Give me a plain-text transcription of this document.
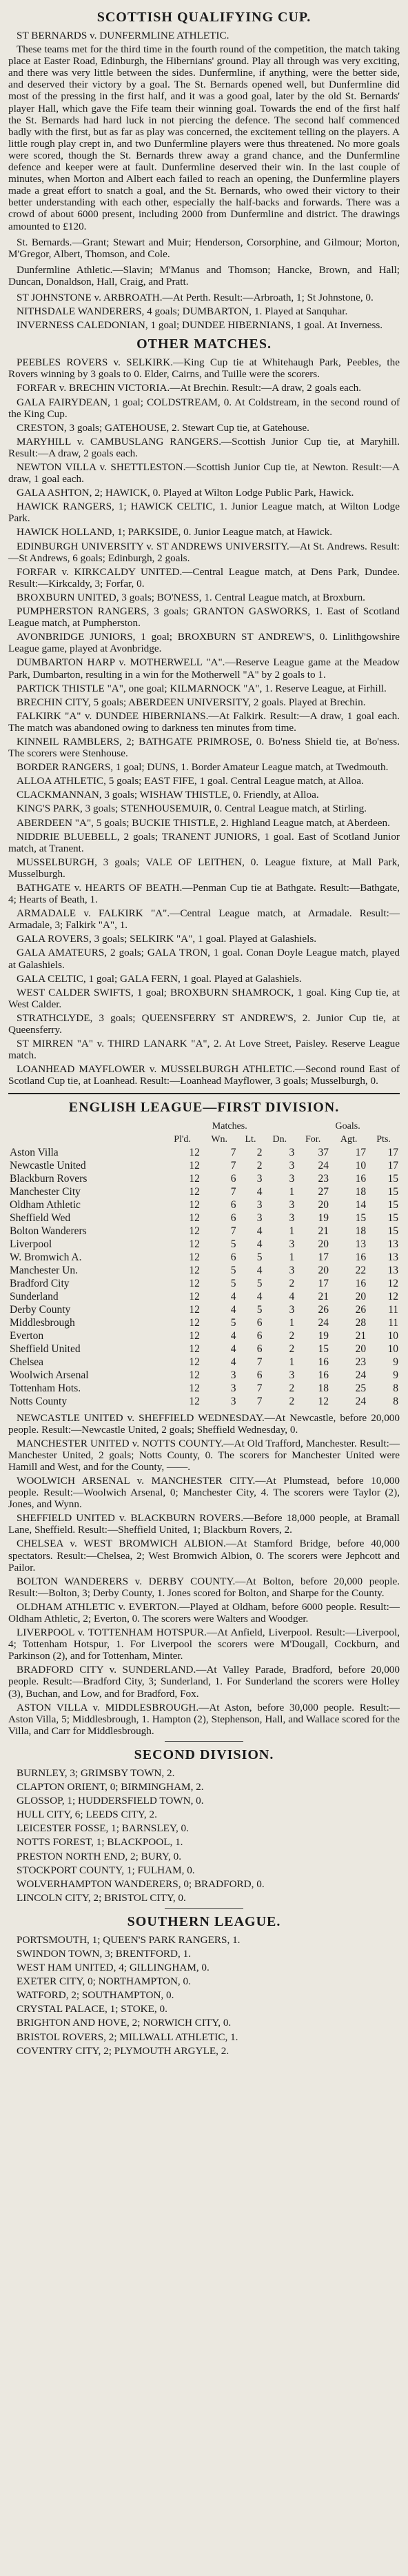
SCOTTISH QUALIFYING CUP.

ST BERNARDS v. DUNFERMLINE ATHLETIC.

These teams met for the third time in the fourth round of the competition, the match taking place at Easter Road, Edinburgh, the Hibernians' ground. Play all through was very exciting, and there was very little between the sides. Dunfermline, if anything, were the better side, and deserved their victory by a goal. The St. Bernards opened well, but Dunfermline did most of the pressing in the first half, and it was a good goal, later by the old St. Bernards' player Hall, which gave the Fife team their winning goal. Towards the end of the first half the St. Bernards had hard luck in not piercing the defence. The second half commenced badly with the first, but as far as play was concerned, the excitement telling on the players. A little rough play crept in, and two Dunfermline players were thus threatened. No more goals were scored, though the St. Bernards threw away a grand chance, and the Dunfermline defence and keeper were at fault. Dunfermline deserved their win. In the last couple of minutes, when Morton and Albert each failed to reach an opening, the Dunfermline players made a great effort to snatch a goal, and the St. Bernards, who owed their victory to their better understanding with each other, especially the half-backs and forwards. There was a crowd of about 6000 present, including 2000 from Dunfermline and district. The drawings amounted to £120.

St. Bernards.—Grant; Stewart and Muir; Henderson, Corsorphine, and Gilmour; Morton, M'Gregor, Albert, Thomson, and Cole.

Dunfermline Athletic.—Slavin; M'Manus and Thomson; Hancke, Brown, and Hall; Duncan, Donaldson, Hall, Craig, and Pratt.

ST JOHNSTONE v. ARBROATH.—At Perth. Result:—Arbroath, 1; St Johnstone, 0.

NITHSDALE WANDERERS, 4 goals; DUMBARTON, 1. Played at Sanquhar.

INVERNESS CALEDONIAN, 1 goal; DUNDEE HIBERNIANS, 1 goal. At Inverness.

OTHER MATCHES.

PEEBLES ROVERS v. SELKIRK.—King Cup tie at Whitehaugh Park, Peebles, the Rovers winning by 3 goals to 0. Elder, Cairns, and Tuille were the scorers.

FORFAR v. BRECHIN VICTORIA.—At Brechin. Result:—A draw, 2 goals each.

GALA FAIRYDEAN, 1 goal; COLDSTREAM, 0. At Coldstream, in the second round of the King Cup.

CRESTON, 3 goals; GATEHOUSE, 2. Stewart Cup tie, at Gatehouse.

MARYHILL v. CAMBUSLANG RANGERS.—Scottish Junior Cup tie, at Maryhill. Result:—A draw, 2 goals each.

NEWTON VILLA v. SHETTLESTON.—Scottish Junior Cup tie, at Newton. Result:—A draw, 1 goal each.

GALA ASHTON, 2; HAWICK, 0. Played at Wilton Lodge Public Park, Hawick.

HAWICK RANGERS, 1; HAWICK CELTIC, 1. Junior League match, at Wilton Lodge Park.

HAWICK HOLLAND, 1; PARKSIDE, 0. Junior League match, at Hawick.

EDINBURGH UNIVERSITY v. ST ANDREWS UNIVERSITY.—At St. Andrews. Result:—St Andrews, 6 goals; Edinburgh, 2 goals.

FORFAR v. KIRKCALDY UNITED.—Central League match, at Dens Park, Dundee. Result:—Kirkcaldy, 3; Forfar, 0.

BROXBURN UNITED, 3 goals; BO'NESS, 1. Central League match, at Broxburn.

PUMPHERSTON RANGERS, 3 goals; GRANTON GASWORKS, 1. East of Scotland League match, at Pumpherston.

AVONBRIDGE JUNIORS, 1 goal; BROXBURN ST ANDREW'S, 0. Linlithgowshire League game, played at Avonbridge.

DUMBARTON HARP v. MOTHERWELL "A".—Reserve League game at the Meadow Park, Dumbarton, resulting in a win for the Motherwell "A" by 2 goals to 1.

PARTICK THISTLE "A", one goal; KILMARNOCK "A", 1. Reserve League, at Firhill.

BRECHIN CITY, 5 goals; ABERDEEN UNIVERSITY, 2 goals. Played at Brechin.

FALKIRK "A" v. DUNDEE HIBERNIANS.—At Falkirk. Result:—A draw, 1 goal each. The match was abandoned owing to darkness ten minutes from time.

KINNEIL RAMBLERS, 2; BATHGATE PRIMROSE, 0. Bo'ness Shield tie, at Bo'ness. The scorers were Stenhouse.

BORDER RANGERS, 1 goal; DUNS, 1. Border Amateur League match, at Twedmouth.

ALLOA ATHLETIC, 5 goals; EAST FIFE, 1 goal. Central League match, at Alloa.

CLACKMANNAN, 3 goals; WISHAW THISTLE, 0. Friendly, at Alloa.

KING'S PARK, 3 goals; STENHOUSEMUIR, 0. Central League match, at Stirling.

ABERDEEN "A", 5 goals; BUCKIE THISTLE, 2. Highland League match, at Aberdeen.

NIDDRIE BLUEBELL, 2 goals; TRANENT JUNIORS, 1 goal. East of Scotland Junior match, at Tranent.

MUSSELBURGH, 3 goals; VALE OF LEITHEN, 0. League fixture, at Mall Park, Musselburgh.

BATHGATE v. HEARTS OF BEATH.—Penman Cup tie at Bathgate. Result:—Bathgate, 4; Hearts of Beath, 1.

ARMADALE v. FALKIRK "A".—Central League match, at Armadale. Result:—Armadale, 3; Falkirk "A", 1.

GALA ROVERS, 3 goals; SELKIRK "A", 1 goal. Played at Galashiels.

GALA AMATEURS, 2 goals; GALA TRON, 1 goal. Conan Doyle League match, played at Galashiels.

GALA CELTIC, 1 goal; GALA FERN, 1 goal. Played at Galashiels.

WEST CALDER SWIFTS, 1 goal; BROXBURN SHAMROCK, 1 goal. King Cup tie, at West Calder.

STRATHCLYDE, 3 goals; QUEENSFERRY ST ANDREW'S, 2. Junior Cup tie, at Queensferry.

ST MIRREN "A" v. THIRD LANARK "A", 2. At Love Street, Paisley. Reserve League match.

LOANHEAD MAYFLOWER v. MUSSELBURGH ATHLETIC.—Second round East of Scotland Cup tie, at Loanhead. Result:—Loanhead Mayflower, 3 goals; Musselburgh, 0.

ENGLISH LEAGUE—FIRST DIVISION.
	Matches.				Goals.		
	Pl'd.	Wn.	Lt.	Dn.	For.	Agt.	Pts.
Aston Villa	12	7	2	3	37	17	17
Newcastle United	12	7	2	3	24	10	17
Blackburn Rovers	12	6	3	3	23	16	15
Manchester City	12	7	4	1	27	18	15
Oldham Athletic	12	6	3	3	20	14	15
Sheffield Wed	12	6	3	3	19	15	15
Bolton Wanderers	12	7	4	1	21	18	15
Liverpool	12	5	4	3	20	13	13
W. Bromwich A.	12	6	5	1	17	16	13
Manchester Un.	12	5	4	3	20	22	13
Bradford City	12	5	5	2	17	16	12
Sunderland	12	4	4	4	21	20	12
Derby County	12	4	5	3	26	26	11
Middlesbrough	12	5	6	1	24	28	11
Everton	12	4	6	2	19	21	10
Sheffield United	12	4	6	2	15	20	10
Chelsea	12	4	7	1	16	23	9
Woolwich Arsenal	12	3	6	3	16	24	9
Tottenham Hots.	12	3	7	2	18	25	8
Notts County	12	3	7	2	12	24	8

NEWCASTLE UNITED v. SHEFFIELD WEDNESDAY.—At Newcastle, before 20,000 people. Result:—Newcastle United, 2 goals; Sheffield Wednesday, 0.

MANCHESTER UNITED v. NOTTS COUNTY.—At Old Trafford, Manchester. Result:—Manchester United, 2 goals; Notts County, 0. The scorers for Manchester United were Hamill and West, and for the County, ——.

WOOLWICH ARSENAL v. MANCHESTER CITY.—At Plumstead, before 10,000 people. Result:—Woolwich Arsenal, 0; Manchester City, 4. The scorers were Taylor (2), Jones, and Wynn.

SHEFFIELD UNITED v. BLACKBURN ROVERS.—Before 18,000 people, at Bramall Lane, Sheffield. Result:—Sheffield United, 1; Blackburn Rovers, 2.

CHELSEA v. WEST BROMWICH ALBION.—At Stamford Bridge, before 40,000 spectators. Result:—Chelsea, 2; West Bromwich Albion, 0. The scorers were Jephcott and Pailor.

BOLTON WANDERERS v. DERBY COUNTY.—At Bolton, before 20,000 people. Result:—Bolton, 3; Derby County, 1. Jones scored for Bolton, and Sharpe for the County.

OLDHAM ATHLETIC v. EVERTON.—Played at Oldham, before 6000 people. Result:—Oldham Athletic, 2; Everton, 0. The scorers were Walters and Woodger.

LIVERPOOL v. TOTTENHAM HOTSPUR.—At Anfield, Liverpool. Result:—Liverpool, 4; Tottenham Hotspur, 1. For Liverpool the scorers were M'Dougall, Cockburn, and Parkinson (2), and for Tottenham, Minter.

BRADFORD CITY v. SUNDERLAND.—At Valley Parade, Bradford, before 20,000 people. Result:—Bradford City, 3; Sunderland, 1. For Sunderland the scorers were Holley (3), Buchan, and Low, and for Bradford, Fox.

ASTON VILLA v. MIDDLESBROUGH.—At Aston, before 30,000 people. Result:—Aston Villa, 5; Middlesbrough, 1. Hampton (2), Stephenson, Hall, and Wallace scored for the Villa, and Carr for Middlesbrough.

SECOND DIVISION.

BURNLEY, 3; GRIMSBY TOWN, 2.

CLAPTON ORIENT, 0; BIRMINGHAM, 2.

GLOSSOP, 1; HUDDERSFIELD TOWN, 0.

HULL CITY, 6; LEEDS CITY, 2.

LEICESTER FOSSE, 1; BARNSLEY, 0.

NOTTS FOREST, 1; BLACKPOOL, 1.

PRESTON NORTH END, 2; BURY, 0.

STOCKPORT COUNTY, 1; FULHAM, 0.

WOLVERHAMPTON WANDERERS, 0; BRADFORD, 0.

LINCOLN CITY, 2; BRISTOL CITY, 0.

SOUTHERN LEAGUE.

PORTSMOUTH, 1; QUEEN'S PARK RANGERS, 1.

SWINDON TOWN, 3; BRENTFORD, 1.

WEST HAM UNITED, 4; GILLINGHAM, 0.

EXETER CITY, 0; NORTHAMPTON, 0.

WATFORD, 2; SOUTHAMPTON, 0.

CRYSTAL PALACE, 1; STOKE, 0.

BRIGHTON AND HOVE, 2; NORWICH CITY, 0.

BRISTOL ROVERS, 2; MILLWALL ATHLETIC, 1.

COVENTRY CITY, 2; PLYMOUTH ARGYLE, 2.
